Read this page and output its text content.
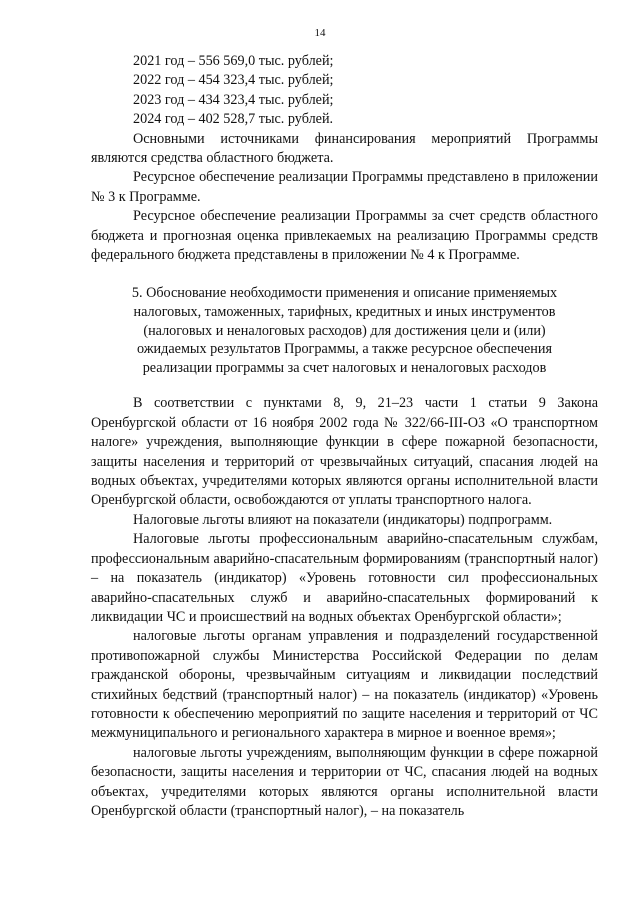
14

2021 год – 556 569,0 тыс. рублей;

2022 год – 454 323,4 тыс. рублей;

2023 год – 434 323,4 тыс. рублей;

2024 год – 402 528,7 тыс. рублей.

Основными источниками финансирования мероприятий Программы являются средства областного бюджета.

Ресурсное обеспечение реализации Программы представлено в приложении № 3 к Программе.

Ресурсное обеспечение реализации Программы за счет средств областного бюджета и прогнозная оценка привлекаемых на реализацию Программы средств федерального бюджета представлены в приложении № 4 к Программе.

5. Обоснование необходимости применения и описание применяемых
налоговых, таможенных, тарифных, кредитных и иных инструментов
(налоговых и неналоговых расходов) для достижения цели и (или)
ожидаемых результатов Программы, а также ресурсное обеспечения
реализации программы за счет налоговых и неналоговых расходов

В соответствии с пунктами 8, 9, 21–23 части 1 статьи 9 Закона Оренбургской области от 16 ноября 2002 года № 322/66-III-ОЗ «О транспортном налоге» учреждения, выполняющие функции в сфере пожарной безопасности, защиты населения и территорий от чрезвычайных ситуаций, спасания людей на водных объектах, учредителями которых являются органы исполнительной власти Оренбургской области, освобождаются от уплаты транспортного налога.

Налоговые льготы влияют на показатели (индикаторы) подпрограмм.

Налоговые льготы профессиональным аварийно-спасательным службам, профессиональным аварийно-спасательным формированиям (транспортный налог) – на показатель (индикатор) «Уровень готовности сил профессиональных аварийно-спасательных служб и аварийно-спасательных формирований к ликвидации ЧС и происшествий на водных объектах Оренбургской области»;

налоговые льготы органам управления и подразделений государственной противопожарной службы Министерства Российской Федерации по делам гражданской обороны, чрезвычайным ситуациям и ликвидации последствий стихийных бедствий (транспортный налог) – на показатель (индикатор) «Уровень готовности к обеспечению мероприятий по защите населения и территорий от ЧС межмуниципального и регионального характера в мирное и военное время»;

налоговые льготы учреждениям, выполняющим функции в сфере пожарной безопасности, защиты населения и территории от ЧС, спасания людей на водных объектах, учредителями которых являются органы исполнительной власти Оренбургской области (транспортный налог), – на показатель
